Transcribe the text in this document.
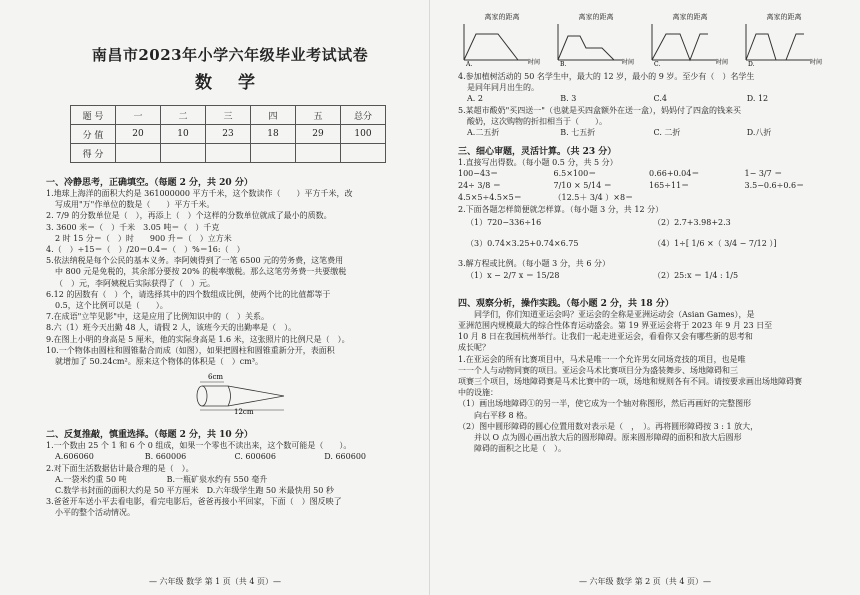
南昌市2023年小学六年级毕业考试试卷
数 学
题 号	一	二	三	四	五	总分
分 值	20	10	23	18	29	100
得 分						
一、冷静思考，正确填空。（每题 2 分，共 20 分）
1.地球上海洋的面积大约是 361000000 平方千米，这个数读作（　　）平方千米，改
写成用"万"作单位的数是（　　）平方千米。
2. 7/9 的分数单位是（　），再添上（　）个这样的分数单位就成了最小的质数。
3. 3600 米＝（　）千米　3.05 吨＝（　）千克
2 时 15 分＝（　）时　　900 升＝（　）立方米
4.（　）÷15＝（　）/20＝0.4＝（　）%＝16:（　）
5.依法纳税是每个公民的基本义务。李阿姨得到了一笔 6500 元的劳务费，这笔费用
中 800 元是免税的，其余部分要按 20% 的税率缴税。那么这笔劳务费一共要缴税
（　）元，李阿姨税后实际获得了（　）元。
6.12 的因数有（　）个，请选择其中的四个数组成比例，使两个比的比值都等于
0.5，这个比例可以是（　　）。
7.在成语"立竿见影"中，这是应用了比例知识中的（　）关系。
8.六（1）班今天出勤 48 人，请假 2 人，该班今天的出勤率是（　）。
9.在图上小明的身高是 5 厘米，他的实际身高是 1.6 米，这张照片的比例尺是（　）。
10.一个物体由圆柱和圆锥黏合而成（如图），如果把圆柱和圆锥重新分开，表面积
就增加了 50.24cm²。原来这个物体的体积是（　）cm³。
6cm
12cm
二、反复推敲，慎重选择。（每题 2 分，共 10 分）
1.一个数由 25 个 1 和 6 个 0 组成，如果一个零也不读出来，这个数可能是（　　）。
A.606060	B. 660006	C. 600606	D. 660600
2.对下面生活数据估计最合理的是（　）。
A.一袋米约重 50 吨　　　　　B.一瓶矿泉水约有 550 毫升
C.数学书封面的面积大约是 50 平方厘米　D.六年级学生跑 50 米最快用 50 秒
3.爸爸开车送小平去看电影，看完电影后，爸爸再接小平回家，下面（　）图反映了
小平的整个活动情况。
— 六年级 数学 第 1 页（共 4 页）—
离家的距离
A.	时间
离家的距离
B.	时间
离家的距离
C.	时间
离家的距离
D.	时间
4.参加植树活动的 50 名学生中，最大的 12 岁，最小的 9 岁。至少有（　）名学生
是同年同月出生的。
A. 2	B. 3	C.4	D. 12
5.某超市酸奶"买四送一"（也就是买四盒额外在送一盒），妈妈付了四盒的钱来买
酸奶，这次购物的折扣相当于（　　）。
A.二五折	B. 七五折	C. 二折	D.八折
三、细心审题，灵活计算。（共 23 分）
1.直接写出得数。（每小题 0.5 分，共 5 分）
100−43＝	6.5×100＝	0.66+0.04＝	1− 3/7 ＝
24÷ 3/8 ＝	7/10 × 5/14 ＝	165÷11＝	3.5−0.6÷0.6＝
4.5×5÷4.5×5＝	（12.5＋ 3/4 ）×8＝
2.下面各题怎样简便就怎样算。（每小题 3 分，共 12 分）
（1）720−336÷16	（2）2.7+3.98+2.3
（3）0.74×3.25+0.74×6.75	（4）1÷[ 1/6 ×（ 3/4 − 7/12 ）]
3.解方程或比例。（每小题 3 分，共 6 分）
（1）x − 2/7 x ＝ 15/28	（2）25:x ＝ 1/4 : 1/5
四、观察分析，操作实践。（每小题 2 分，共 18 分）
　　同学们，你们知道亚运会吗？亚运会的全称是亚洲运动会（Asian Games），是
亚洲范围内规模最大的综合性体育运动盛会。第 19 界亚运会将于 2023 年 9 月 23 日至
10 月 8 日在我国杭州举行。让我们一起走进亚运会，看看你又会有哪些新的思考和
成长呢？
1.在亚运会的所有比赛项目中，马术是唯一一个允许男女同场竞技的项目，也是唯
一一个人与动物同赛的项目。亚运会马术比赛项目分为盛装舞步、场地障碍和三
项赛三个项目，场地障碍赛是马术比赛中的一项，场地和规则各有不同。请按要求画出场地障碍赛
中的设施：
（1）画出场地障碍①的另一半，使它成为一个轴对称图形，然后再画好的完整图形
　　向右平移 8 格。
（2）图中圆形障碍的圆心位置用数对表示是（　，　）。再将圆形障碍按 3 : 1 放大，
　　并以 O 点为圆心画出放大后的圆形障碍。原来圆形障碍的面积和放大后圆形
　　障碍的面积之比是（　）。
— 六年级 数学 第 2 页（共 4 页）—
